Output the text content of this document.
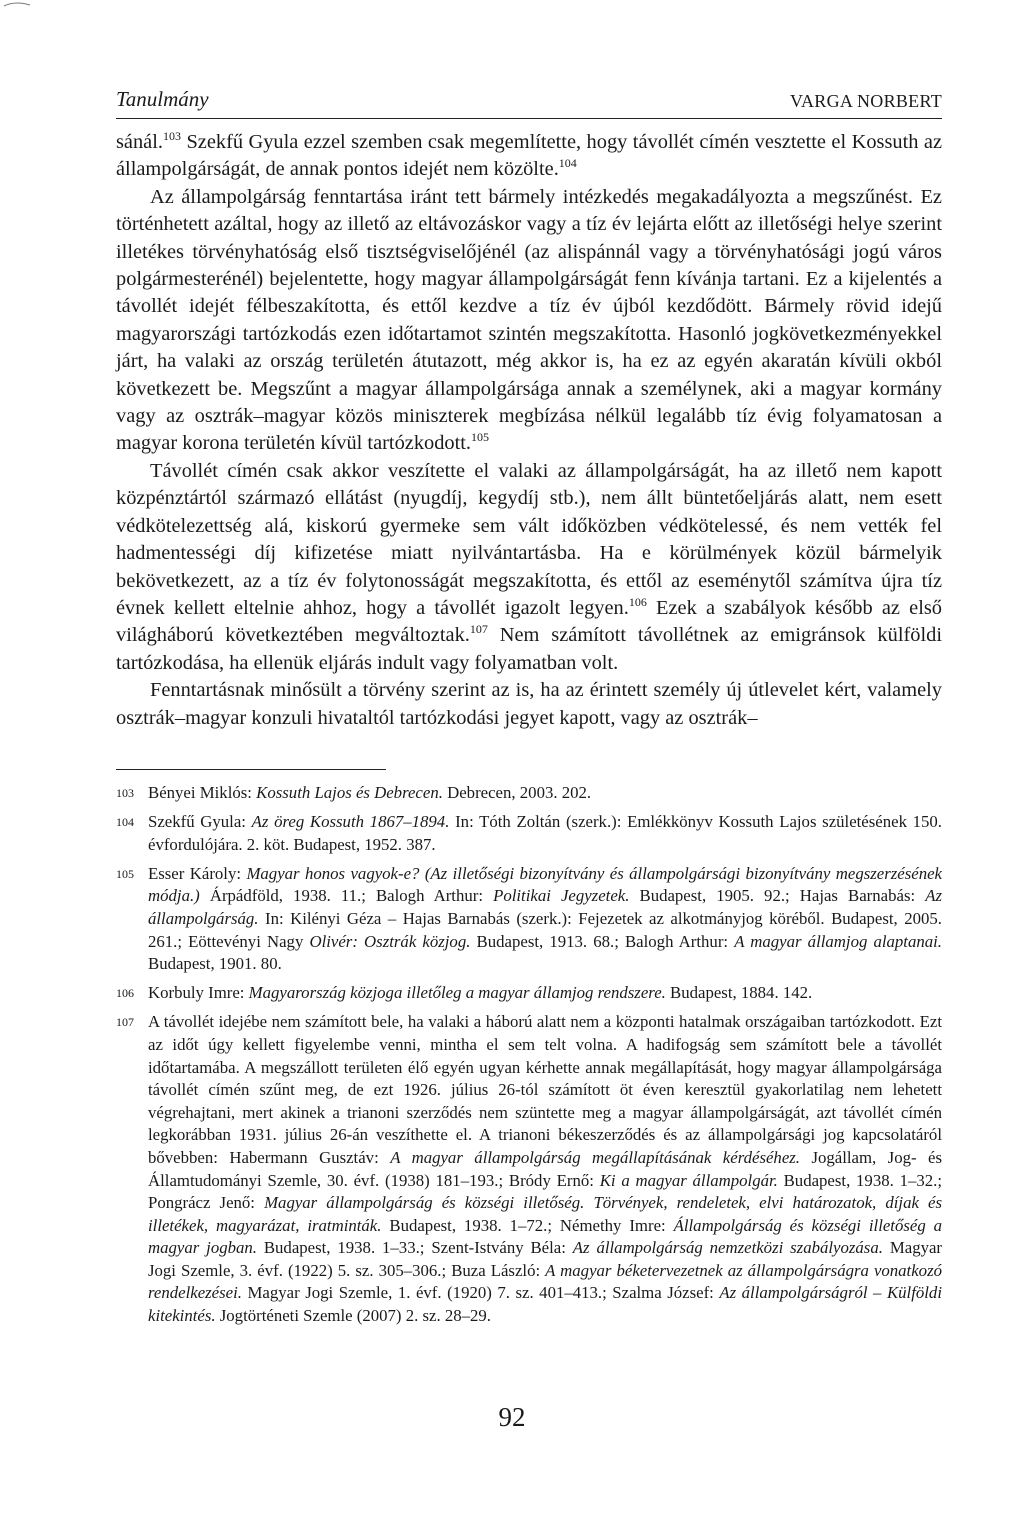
Tanulmány	VARGA NORBERT

sánál.$^{103}$ Szekfű Gyula ezzel szemben csak megemlítette, hogy távollét címén vesztette el Kossuth az állampolgárságát, de annak pontos idejét nem közölte.$^{104}$

Az állampolgárság fenntartása iránt tett bármely intézkedés megakadályozta a megszűnést. Ez történhetett azáltal, hogy az illető az eltávozáskor vagy a tíz év lejárta előtt az illetőségi helye szerint illetékes törvényhatóság első tisztségviselőjénél (az alispánnál vagy a törvényhatósági jogú város polgármesterénél) bejelentette, hogy magyar állampolgárságát fenn kívánja tartani. Ez a kijelentés a távollét idejét félbeszakította, és ettől kezdve a tíz év újból kezdődött. Bármely rövid idejű magyarországi tartózkodás ezen időtartamot szintén megszakította. Hasonló jogkövetkezményekkel járt, ha valaki az ország területén átutazott, még akkor is, ha ez az egyén akaratán kívüli okból következett be. Megszűnt a magyar állampolgársága annak a személynek, aki a magyar kormány vagy az osztrák–magyar közös miniszterek megbízása nélkül legalább tíz évig folyamatosan a magyar korona területén kívül tartózkodott.$^{105}$

Távollét címén csak akkor veszítette el valaki az állampolgárságát, ha az illető nem kapott közpénztártól származó ellátást (nyugdíj, kegydíj stb.), nem állt büntetőeljárás alatt, nem esett védkötelezettség alá, kiskorú gyermeke sem vált időközben védkötelessé, és nem vették fel hadmentességi díj kifizetése miatt nyilvántartásba. Ha e körülmények közül bármelyik bekövetkezett, az a tíz év folytonosságát megszakította, és ettől az eseménytől számítva újra tíz évnek kellett eltelnie ahhoz, hogy a távollét igazolt legyen.$^{106}$ Ezek a szabályok később az első világháború következtében megváltoztak.$^{107}$ Nem számított távollétnek az emigránsok külföldi tartózkodása, ha ellenük eljárás indult vagy folyamatban volt.

Fenntartásnak minősült a törvény szerint az is, ha az érintett személy új útlevelet kért, valamely osztrák–magyar konzuli hivataltól tartózkodási jegyet kapott, vagy az osztrák–

103 Bényei Miklós: Kossuth Lajos és Debrecen. Debrecen, 2003. 202.
104 Szekfű Gyula: Az öreg Kossuth 1867–1894. In: Tóth Zoltán (szerk.): Emlékkönyv Kossuth Lajos születésének 150. évfordulójára. 2. köt. Budapest, 1952. 387.
105 Esser Károly: Magyar honos vagyok-e? (Az illetőségi bizonyítvány és állampolgársági bizonyítvány megszerzésének módja.) Árpádföld, 1938. 11.; Balogh Arthur: Politikai Jegyzetek. Budapest, 1905. 92.; Hajas Barnabás: Az állampolgárság. In: Kilényi Géza – Hajas Barnabás (szerk.): Fejezetek az alkotmányjog köréből. Budapest, 2005. 261.; Eöttevényi Nagy Olivér: Osztrák közjog. Budapest, 1913. 68.; Balogh Arthur: A magyar államjog alaptanai. Budapest, 1901. 80.
106 Korbuly Imre: Magyarország közjoga illetőleg a magyar államjog rendszere. Budapest, 1884. 142.
107 A távollét idejébe nem számított bele, ha valaki a háború alatt nem a központi hatalmak országaiban tartózkodott. Ezt az időt úgy kellett figyelembe venni, mintha el sem telt volna. A hadifogság sem számított bele a távollét időtartamába. A megszállott területen élő egyén ugyan kérhette annak megállapítását, hogy magyar állampolgársága távollét címén szűnt meg, de ezt 1926. július 26-tól számított öt éven keresztül gyakorlatilag nem lehetett végrehajtani, mert akinek a trianoni szerződés nem szüntette meg a magyar állampolgárságát, azt távollét címén legkorábban 1931. július 26-án veszíthette el. A trianoni békeszerződés és az állampolgársági jog kapcsolatáról bővebben: Habermann Gusztáv: A magyar állampolgárság megállapításának kérdéséhez. Jogállam, Jog- és Államtudományi Szemle, 30. évf. (1938) 181–193.; Bródy Ernő: Ki a magyar állampolgár. Budapest, 1938. 1–32.; Pongrácz Jenő: Magyar állampolgárság és községi illetőség. Törvények, rendeletek, elvi határozatok, díjak és illetékek, magyarázat, iratminták. Budapest, 1938. 1–72.; Némethy Imre: Állampolgárság és községi illetőség a magyar jogban. Budapest, 1938. 1–33.; Szent-Istvány Béla: Az állampolgárság nemzetközi szabályozása. Magyar Jogi Szemle, 3. évf. (1922) 5. sz. 305–306.; Buza László: A magyar béketervezetnek az állampolgárságra vonatkozó rendelkezései. Magyar Jogi Szemle, 1. évf. (1920) 7. sz. 401–413.; Szalma József: Az állampolgárságról – Külföldi kitekintés. Jogtörténeti Szemle (2007) 2. sz. 28–29.
92
